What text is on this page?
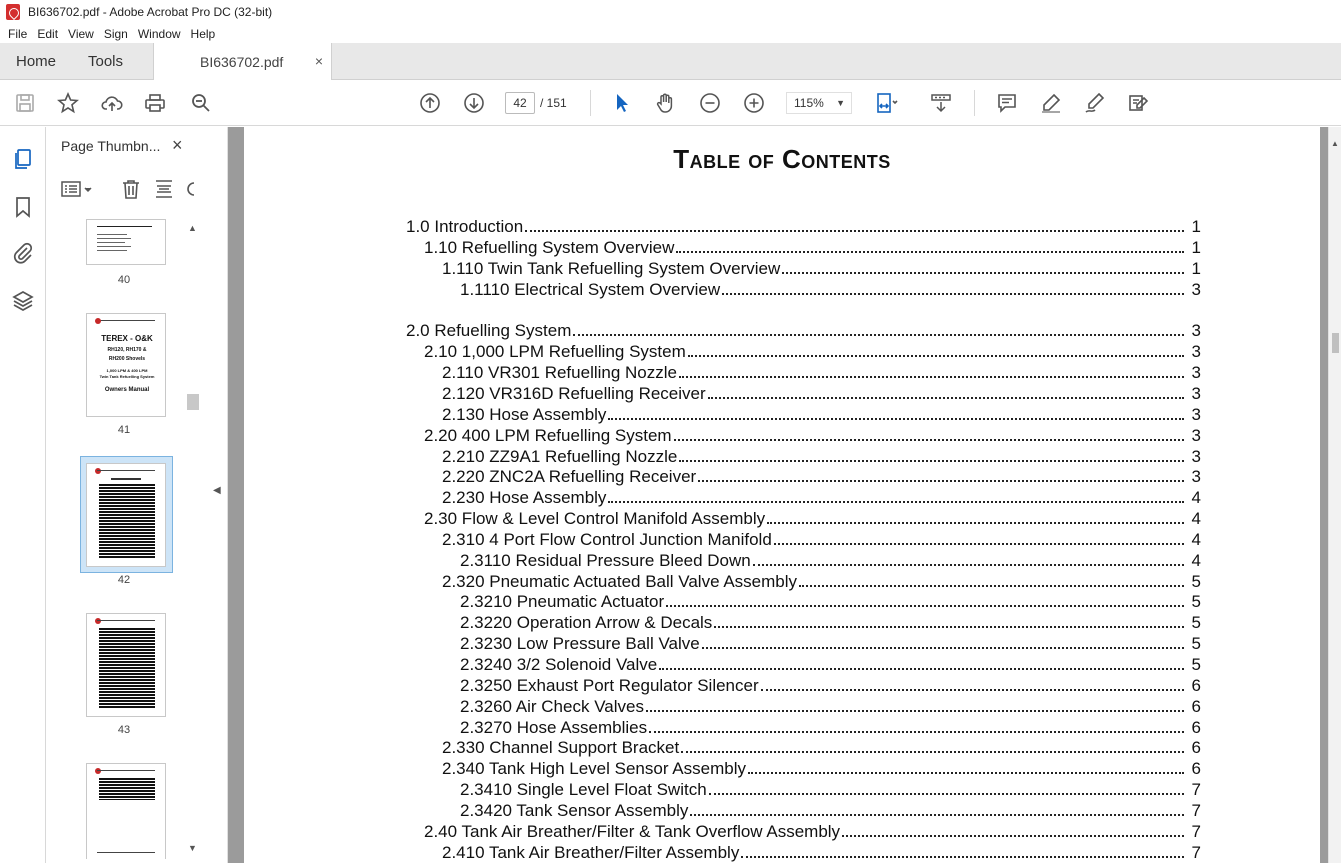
BI636702.pdf - Adobe Acrobat Pro DC (32-bit)
File Edit View Sign Window Help
Home Tools	BI636702.pdf ×
42	/ 151	115% ▼
Page Thumbn... ×
40
TEREX - O&K
RH120, RH170 &
RH200 Shovels
1,000 LPM & 400 LPM
Twin Tank Refuelling System
Owners Manual
41
42
43
▲
▼
◀
Table of Contents
1.0 Introduction	1
1.10 Refuelling System Overview	1
1.110 Twin Tank Refuelling System Overview	1
1.1110 Electrical System Overview	3
2.0 Refuelling System	3
2.10 1,000 LPM Refuelling System	3
2.110 VR301 Refuelling Nozzle	3
2.120 VR316D Refuelling Receiver	3
2.130 Hose Assembly	3
2.20 400 LPM Refuelling System	3
2.210 ZZ9A1 Refuelling Nozzle	3
2.220 ZNC2A Refuelling Receiver	3
2.230 Hose Assembly	4
2.30 Flow & Level Control Manifold Assembly	4
2.310 4 Port Flow Control Junction Manifold	4
2.3110 Residual Pressure Bleed Down	4
2.320 Pneumatic Actuated Ball Valve Assembly	5
2.3210 Pneumatic Actuator	5
2.3220 Operation Arrow & Decals	5
2.3230 Low Pressure Ball Valve	5
2.3240 3/2 Solenoid Valve	5
2.3250 Exhaust Port Regulator Silencer	6
2.3260 Air Check Valves	6
2.3270 Hose Assemblies	6
2.330 Channel Support Bracket	6
2.340 Tank High Level Sensor Assembly	6
2.3410 Single Level Float Switch	7
2.3420 Tank Sensor Assembly	7
2.40 Tank Air Breather/Filter & Tank Overflow Assembly	7
2.410 Tank Air Breather/Filter Assembly	7
▲
